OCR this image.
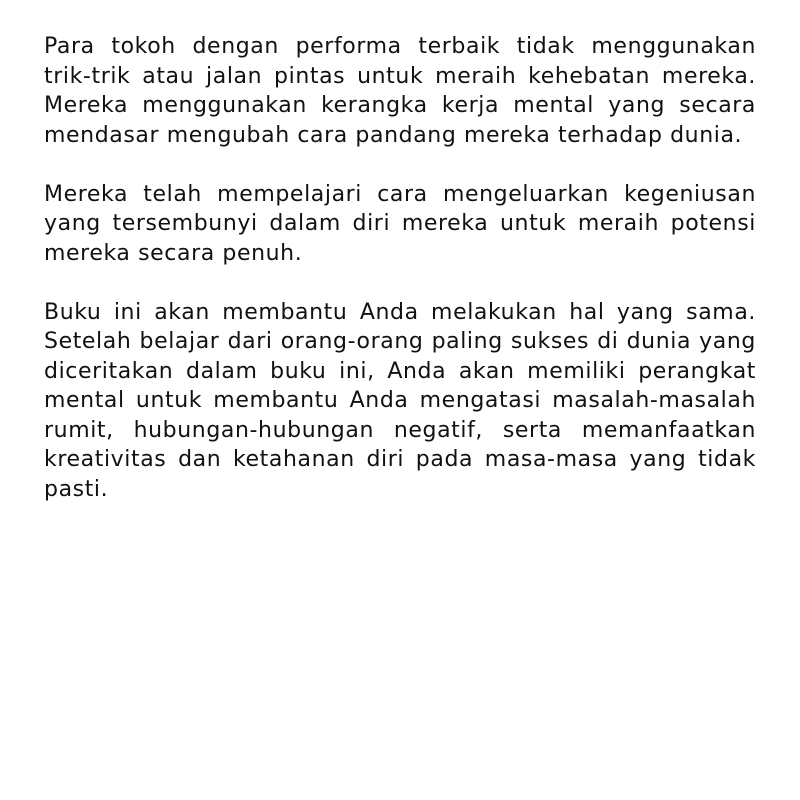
Para tokoh dengan performa terbaik tidak menggunakan trik-trik atau jalan pintas untuk meraih kehebatan mereka. Mereka menggunakan kerangka kerja mental yang secara mendasar mengubah cara pandang mereka terhadap dunia.

Mereka telah mempelajari cara mengeluarkan kegeniusan yang tersembunyi dalam diri mereka untuk meraih potensi mereka secara penuh.

Buku ini akan membantu Anda melakukan hal yang sama. Setelah belajar dari orang-orang paling sukses di dunia yang diceritakan dalam buku ini, Anda akan memiliki perangkat mental untuk membantu Anda mengatasi masalah-masalah rumit, hubungan-hubungan negatif, serta memanfaatkan kreativitas dan ketahanan diri pada masa-masa yang tidak pasti.
